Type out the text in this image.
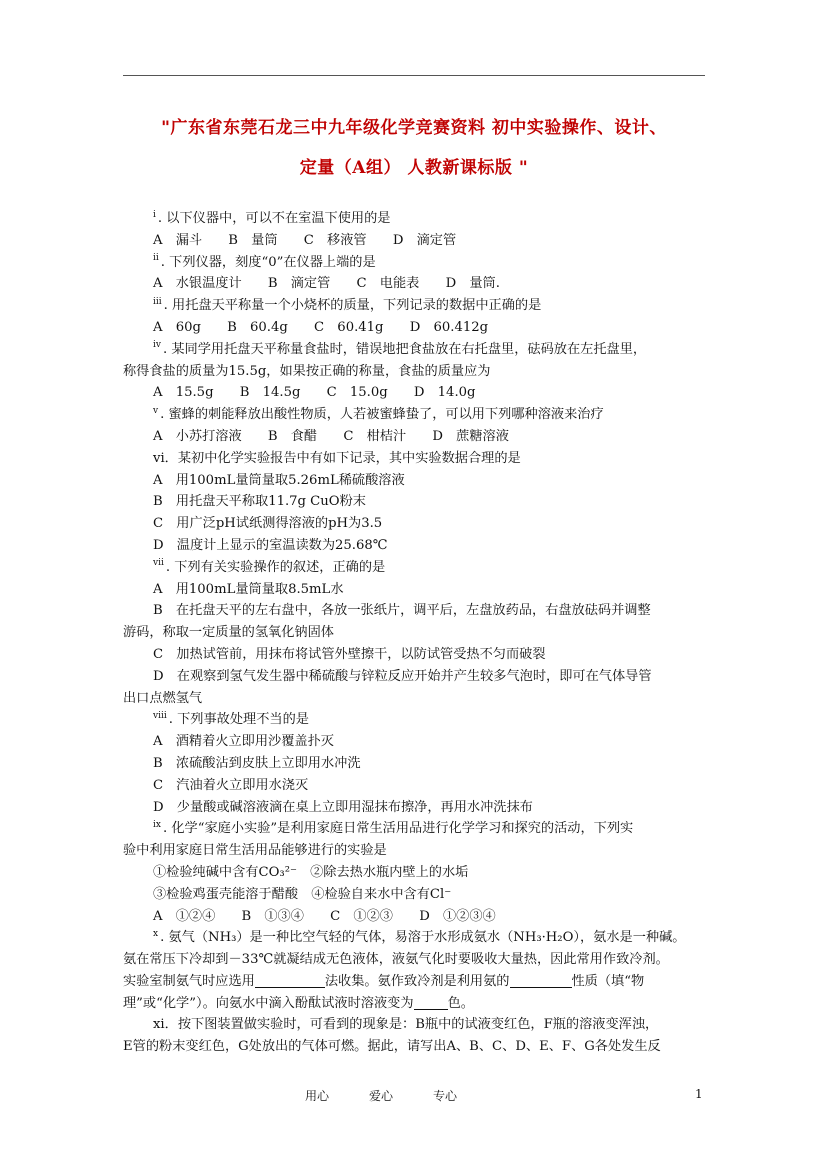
"广东省东莞石龙三中九年级化学竞赛资料 初中实验操作、设计、
定量（A组） 人教新课标版 "
$^i$ . 以下仪器中，可以不在室温下使用的是
A　漏斗 B　量筒 C　移液管 D　滴定管
$^{ii}$ . 下列仪器，刻度“0”在仪器上端的是
A　水银温度计 B　滴定管 C　电能表 D　量筒.
$^{iii}$ . 用托盘天平称量一个小烧杯的质量，下列记录的数据中正确的是
A　60g B　60.4g C　60.41g D　60.412g
$^{iv}$ . 某同学用托盘天平称量食盐时，错误地把食盐放在右托盘里，砝码放在左托盘里，
称得食盐的质量为15.5g，如果按正确的称量，食盐的质量应为
A　15.5g B　14.5g C　15.0g D　14.0g
$^v$ . 蜜蜂的刺能释放出酸性物质，人若被蜜蜂蛰了，可以用下列哪种溶液来治疗
A　小苏打溶液 B　食醋 C　柑桔汁 D　蔗糖溶液
vi．某初中化学实验报告中有如下记录，其中实验数据合理的是
A　用100mL量筒量取5.26mL稀硫酸溶液
B　用托盘天平称取11.7g CuO粉末
C　用广泛pH试纸测得溶液的pH为3.5
D　温度计上显示的室温读数为25.68℃
$^{vii}$ . 下列有关实验操作的叙述，正确的是
A　用100mL量筒量取8.5mL水
B　在托盘天平的左右盘中，各放一张纸片，调平后，左盘放药品，右盘放砝码并调整
游码，称取一定质量的氢氧化钠固体
C　加热试管前，用抹布将试管外壁擦干，以防试管受热不匀而破裂
D　在观察到氢气发生器中稀硫酸与锌粒反应开始并产生较多气泡时，即可在气体导管
出口点燃氢气
$^{viii}$ . 下列事故处理不当的是
A　酒精着火立即用沙覆盖扑灭
B　浓硫酸沾到皮肤上立即用水冲洗
C　汽油着火立即用水浇灭
D　少量酸或碱溶液滴在桌上立即用湿抹布擦净，再用水冲洗抹布
$^{ix}$ . 化学“家庭小实验”是利用家庭日常生活用品进行化学学习和探究的活动，下列实
验中利用家庭日常生活用品能够进行的实验是
①检验纯碱中含有CO₃²⁻　②除去热水瓶内壁上的水垢
③检验鸡蛋壳能溶于醋酸　④检验自来水中含有Cl⁻
A　①②④ B　①③④ C　①②③ D　①②③④
$^x$ . 氨气（NH₃）是一种比空气轻的气体，易溶于水形成氨水（NH₃·H₂O），氨水是一种碱。
氨在常压下冷却到－33℃就凝结成无色液体，液氨气化时要吸收大量热，因此常用作致冷剂。
实验室制氨气时应选用	法收集。氨作致冷剂是利用氨的	性质（填“物
理”或“化学”）。向氨水中滴入酚酞试液时溶液变为	色。
xi．按下图装置做实验时，可看到的现象是：B瓶中的试液变红色，F瓶的溶液变浑浊，
E管的粉末变红色，G处放出的气体可燃。据此，请写出A、B、C、D、E、F、G各处发生反
用心	爱心	专心	1
